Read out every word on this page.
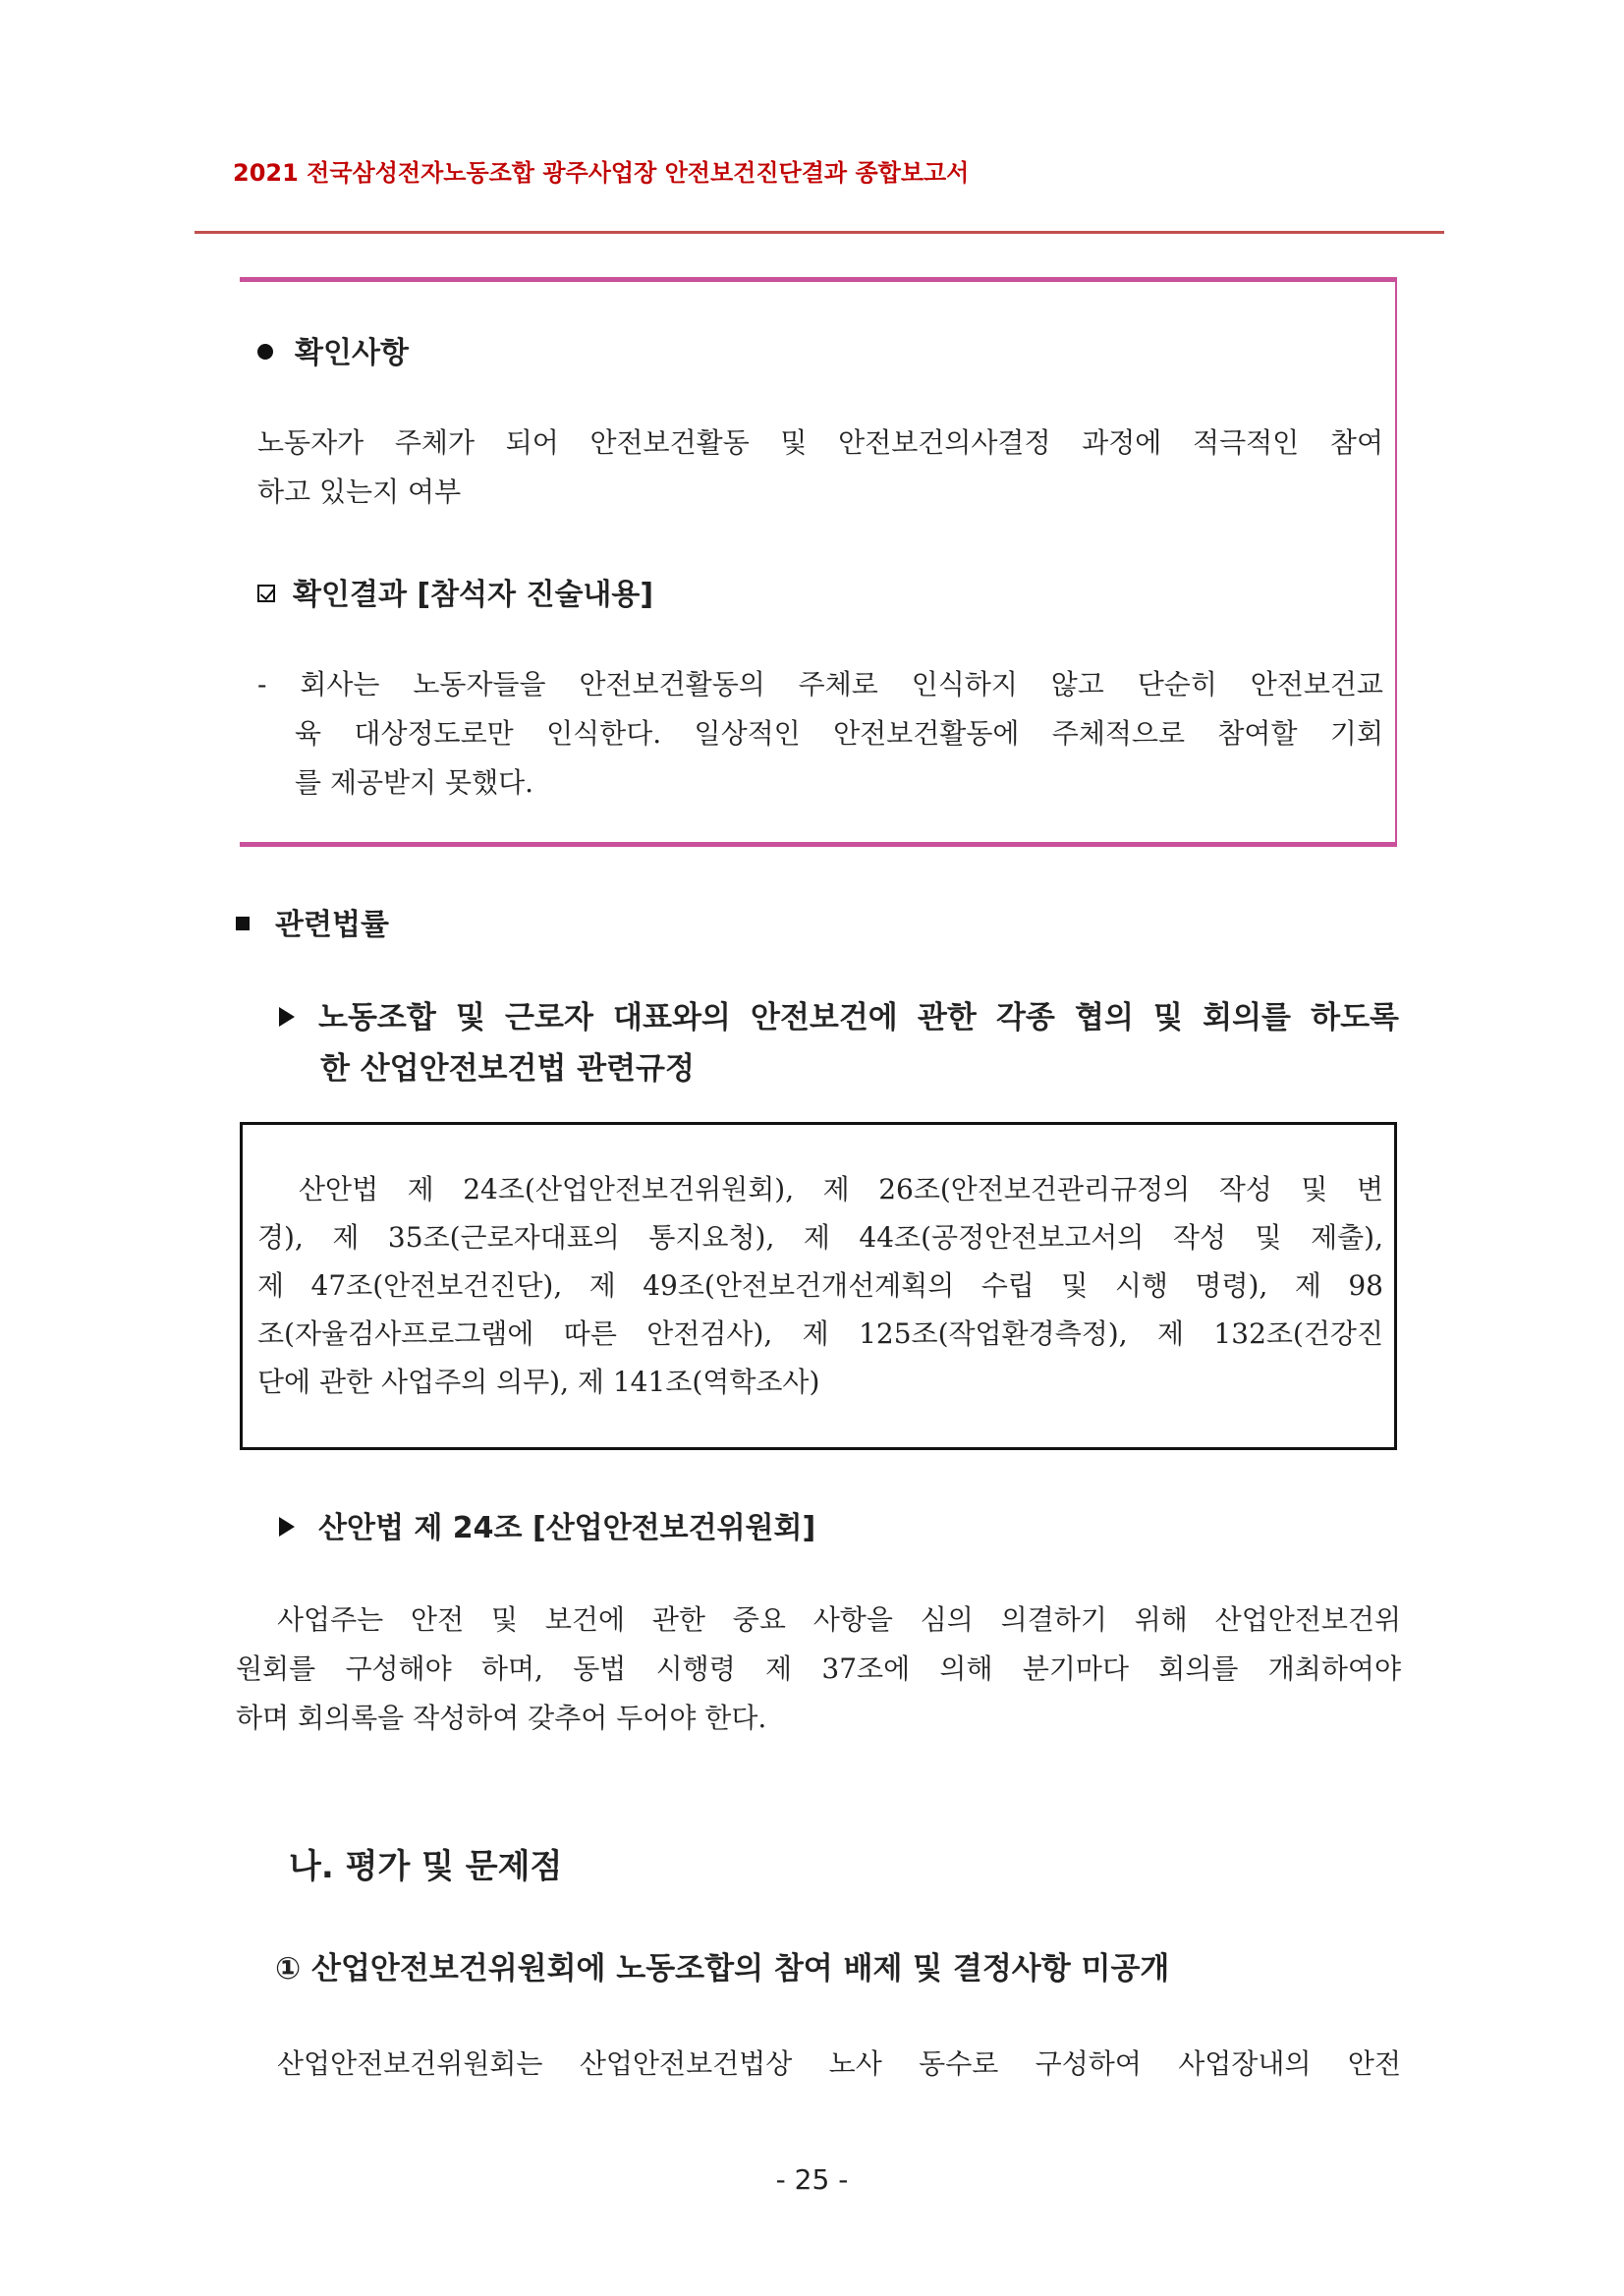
2021 전국삼성전자노동조합 광주사업장 안전보건진단결과 종합보고서
확인사항
노동자가 주체가 되어 안전보건활동 및 안전보건의사결정 과정에 적극적인 참여
하고 있는지 여부
확인결과 [참석자 진술내용]
- 회사는 노동자들을 안전보건활동의 주체로 인식하지 않고 단순히 안전보건교
육 대상정도로만 인식한다. 일상적인 안전보건활동에 주체적으로 참여할 기회
를 제공받지 못했다.
관련법률
노동조합 및 근로자 대표와의 안전보건에 관한 각종 협의 및 회의를 하도록
한 산업안전보건법 관련규정
산안법 제 24조(산업안전보건위원회), 제 26조(안전보건관리규정의 작성 및 변
경), 제 35조(근로자대표의 통지요청), 제 44조(공정안전보고서의 작성 및 제출),
제 47조(안전보건진단), 제 49조(안전보건개선계획의 수립 및 시행 명령), 제 98
조(자율검사프로그램에 따른 안전검사), 제 125조(작업환경측정), 제 132조(건강진
단에 관한 사업주의 의무), 제 141조(역학조사)
산안법 제 24조 [산업안전보건위원회]
사업주는 안전 및 보건에 관한 중요 사항을 심의 의결하기 위해 산업안전보건위
원회를 구성해야 하며, 동법 시행령 제 37조에 의해 분기마다 회의를 개최하여야
하며 회의록을 작성하여 갖추어 두어야 한다.
나. 평가 및 문제점
① 산업안전보건위원회에 노동조합의 참여 배제 및 결정사항 미공개
산업안전보건위원회는 산업안전보건법상 노사 동수로 구성하여 사업장내의 안전
- 25 -
